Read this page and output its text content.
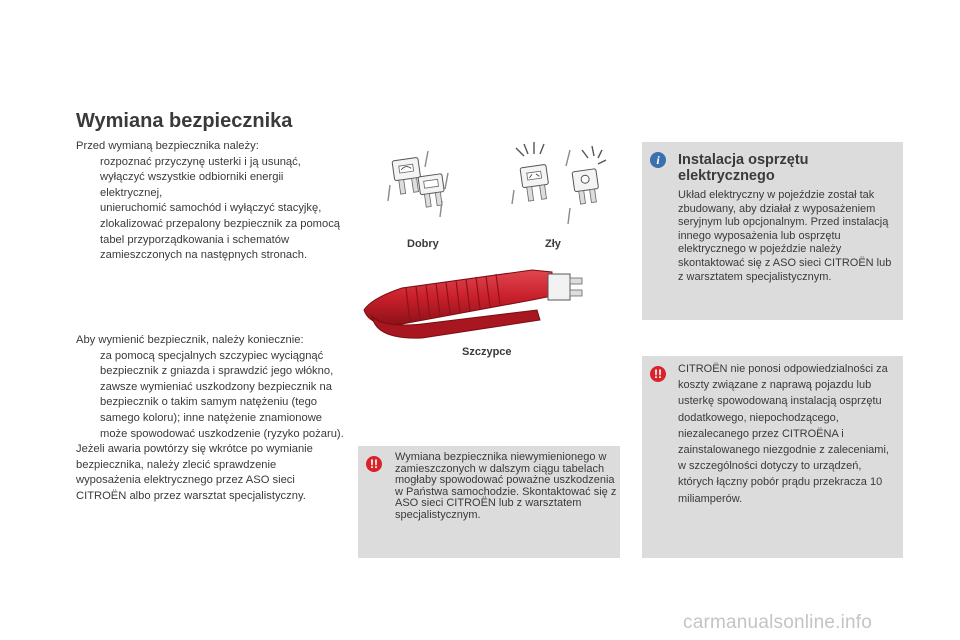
Wymiana bezpiecznika

Przed wymianą bezpiecznika należy:

rozpoznać przyczynę usterki i ją usunąć,
wyłączyć wszystkie odbiorniki energii elektrycznej,
unieruchomić samochód i wyłączyć stacyjkę,
zlokalizować przepalony bezpiecznik za pomocą tabel przyporządkowania i schematów zamieszczonych na następnych stronach.

Aby wymienić bezpiecznik, należy koniecznie:

za pomocą specjalnych szczypiec wyciągnąć bezpiecznik z gniazda i sprawdzić jego włókno,
zawsze wymieniać uszkodzony bezpiecznik na bezpiecznik o takim samym natężeniu (tego samego koloru); inne natężenie znamionowe może spowodować uszkodzenie (ryzyko pożaru).

Jeżeli awaria powtórzy się wkrótce po wymianie bezpiecznika, należy zlecić sprawdzenie wyposażenia elektrycznego przez ASO sieci CITROËN albo przez warsztat specjalistyczny.

Dobry	Zły
Szczypce
!!	Wymiana bezpiecznika niewymienionego w zamieszczonych w dalszym ciągu tabelach mogłaby spowodować poważne uszkodzenia w Państwa samochodzie. Skontaktować się z ASO sieci CITROËN lub z warsztatem specjalistycznym.
i	Instalacja osprzętu elektrycznego
Układ elektryczny w pojeździe został tak zbudowany, aby działał z wyposażeniem seryjnym lub opcjonalnym. Przed instalacją innego wyposażenia lub osprzętu elektrycznego w pojeździe należy skontaktować się z ASO sieci CITROËN lub z warsztatem specjalistycznym.
!!	CITROËN nie ponosi odpowiedzialności za koszty związane z naprawą pojazdu lub usterkę spowodowaną instalacją osprzętu dodatkowego, niepochodzącego, niezalecanego przez CITROËNA i zainstalowanego niezgodnie z zaleceniami, w szczególności dotyczy to urządzeń, których łączny pobór prądu przekracza 10 miliamperów.
carmanualsonline.info
